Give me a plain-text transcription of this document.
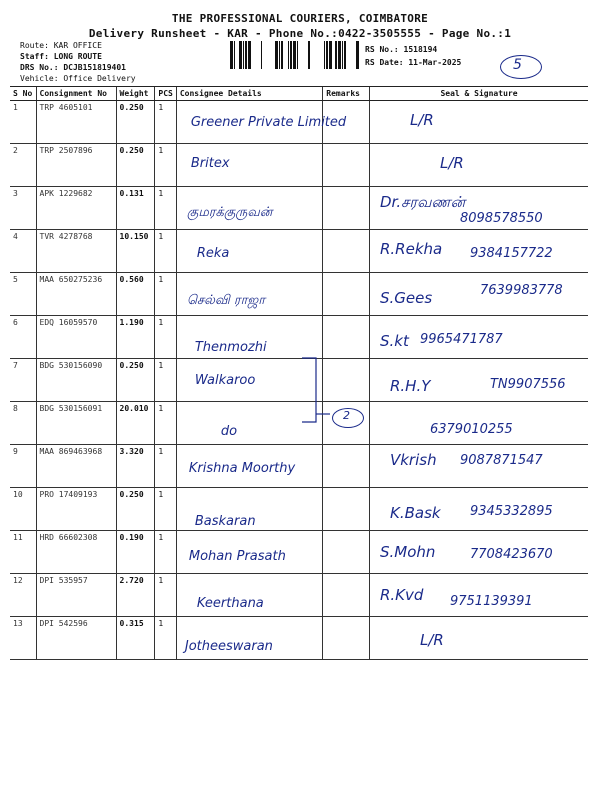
THE PROFESSIONAL COURIERS, COIMBATORE
Delivery Runsheet - KAR - Phone No.:0422-3505555 - Page No.:1
Route: KAR OFFICE
Staff: LONG ROUTE
DRS No.: DCJB151819401
Vehicle: Office Delivery
RS No.: 1518194
RS Date: 11-Mar-2025	5
S No	Consignment No	Weight	PCS	Consignee Details	Remarks	Seal & Signature
1	TRP 4605101	0.250	1	Greener Private Limited		L/R

2	TRP 2507896	0.250	1	Britex		L/R

3	APK 1229682	0.131	1	குமரக்குருவன்		Dr.சரவணன்
8098578550

4	TVR 4278768	10.150	1	Reka		R.Rekha 9384157722

5	MAA 650275236	0.560	1	செல்வி ராஜா		S.Gees 7639983778

6	EDQ 16059570	1.190	1	Thenmozhi		S.kt 9965471787

7	BDG 530156090	0.250	1	Walkaroo		R.H.Y TN9907556

8	BDG 530156091	20.010	1	do		6379010255

9	MAA 869463968	3.320	1	Krishna Moorthy		Vkrish 9087871547

10	PRO 17409193	0.250	1	Baskaran		K.Bask 9345332895

11	HRD 66602308	0.190	1	Mohan Prasath		S.Mohn 7708423670

12	DPI 535957	2.720	1	Keerthana		R.Kvd 9751139391

13	DPI 542596	0.315	1	Jotheeswaran		L/R
2
